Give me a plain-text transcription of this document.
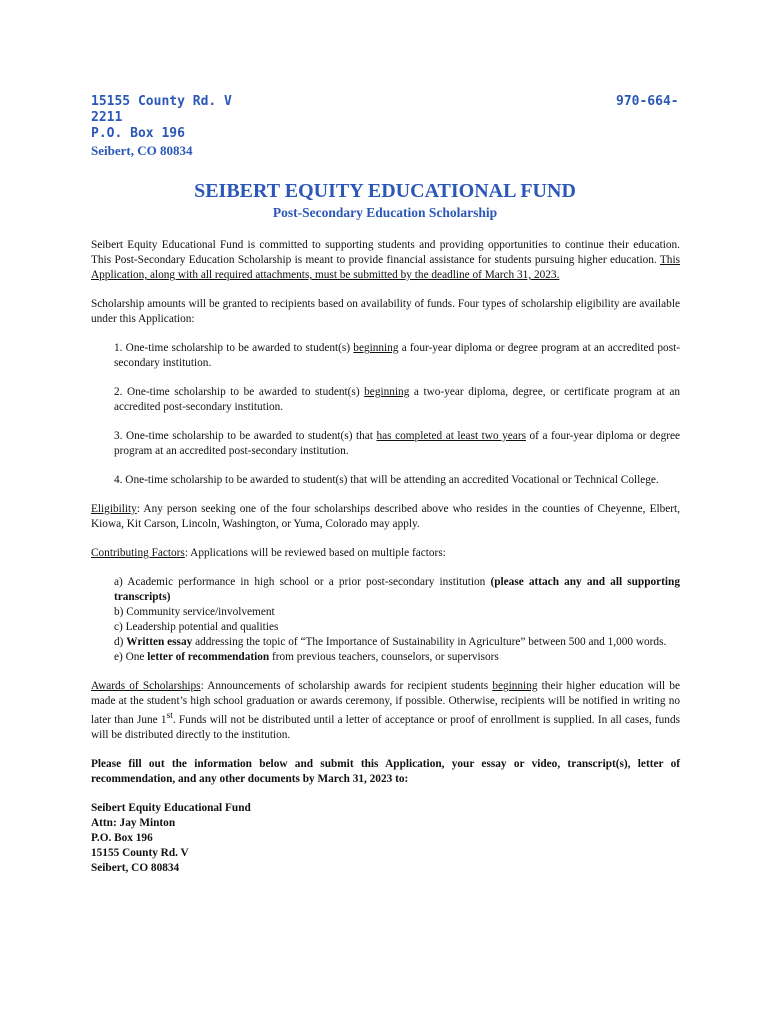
15155 County Rd. V
2211
P.O. Box 196
Seibert, CO 80834
970-664-
SEIBERT EQUITY EDUCATIONAL FUND
Post-Secondary Education Scholarship

Seibert Equity Educational Fund is committed to supporting students and providing opportunities to continue their education. This Post-Secondary Education Scholarship is meant to provide financial assistance for students pursuing higher education. This Application, along with all required attachments, must be submitted by the deadline of March 31, 2023.

Scholarship amounts will be granted to recipients based on availability of funds. Four types of scholarship eligibility are available under this Application:

1. One-time scholarship to be awarded to student(s) beginning a four-year diploma or degree program at an accredited post-secondary institution.

2. One-time scholarship to be awarded to student(s) beginning a two-year diploma, degree, or certificate program at an accredited post-secondary institution.

3. One-time scholarship to be awarded to student(s) that has completed at least two years of a four-year diploma or degree program at an accredited post-secondary institution.

4. One-time scholarship to be awarded to student(s) that will be attending an accredited Vocational or Technical College.

Eligibility: Any person seeking one of the four scholarships described above who resides in the counties of Cheyenne, Elbert, Kiowa, Kit Carson, Lincoln, Washington, or Yuma, Colorado may apply.

Contributing Factors: Applications will be reviewed based on multiple factors:

a) Academic performance in high school or a prior post-secondary institution (please attach any and all supporting transcripts)
b) Community service/involvement
c) Leadership potential and qualities
d) Written essay addressing the topic of “The Importance of Sustainability in Agriculture” between 500 and 1,000 words.
e) One letter of recommendation from previous teachers, counselors, or supervisors

Awards of Scholarships: Announcements of scholarship awards for recipient students beginning their higher education will be made at the student’s high school graduation or awards ceremony, if possible. Otherwise, recipients will be notified in writing no later than June 1st. Funds will not be distributed until a letter of acceptance or proof of enrollment is supplied. In all cases, funds will be distributed directly to the institution.

Please fill out the information below and submit this Application, your essay or video, transcript(s), letter of recommendation, and any other documents by March 31, 2023 to:

Seibert Equity Educational Fund
Attn: Jay Minton
P.O. Box 196
15155 County Rd. V
Seibert, CO 80834
